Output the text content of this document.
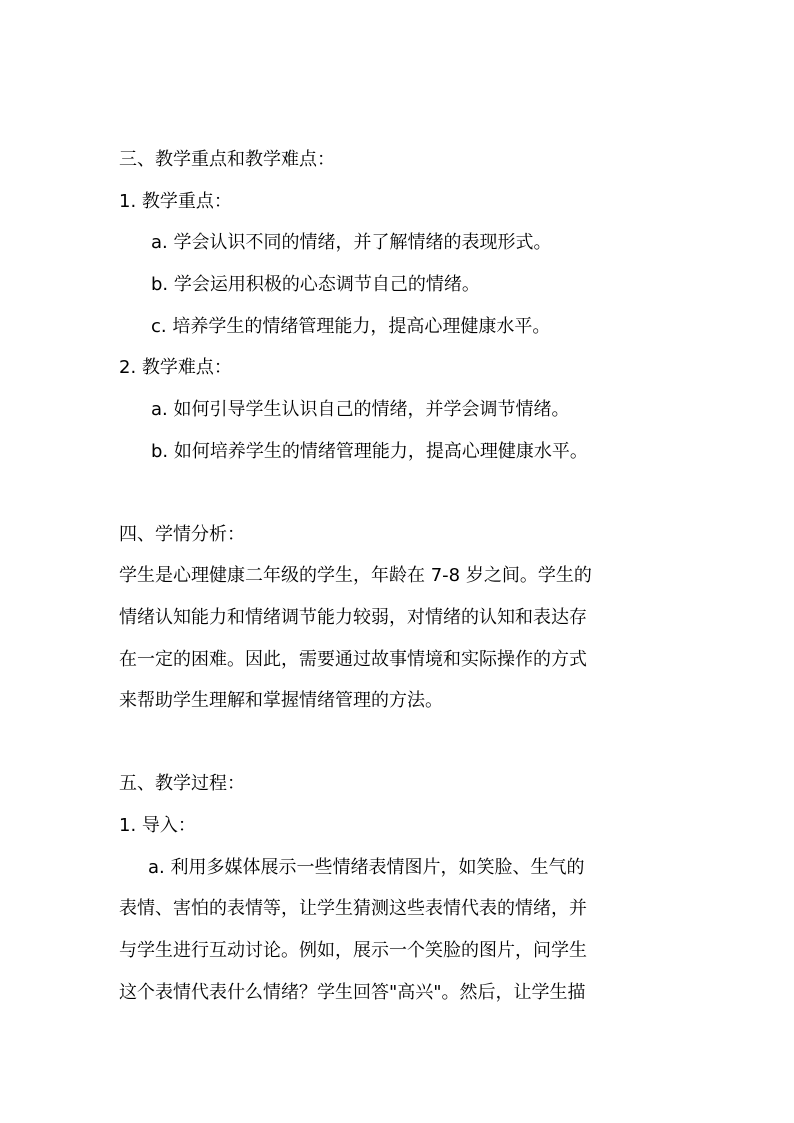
三、教学重点和教学难点：
1. 教学重点：
a. 学会认识不同的情绪，并了解情绪的表现形式。
b. 学会运用积极的心态调节自己的情绪。
c. 培养学生的情绪管理能力，提高心理健康水平。
2. 教学难点：
a. 如何引导学生认识自己的情绪，并学会调节情绪。
b. 如何培养学生的情绪管理能力，提高心理健康水平。
四、学情分析：
学生是心理健康二年级的学生，年龄在 7-8 岁之间。学生的
情绪认知能力和情绪调节能力较弱，对情绪的认知和表达存
在一定的困难。因此，需要通过故事情境和实际操作的方式
来帮助学生理解和掌握情绪管理的方法。
五、教学过程：
1. 导入：
a. 利用多媒体展示一些情绪表情图片，如笑脸、生气的
表情、害怕的表情等，让学生猜测这些表情代表的情绪，并
与学生进行互动讨论。例如，展示一个笑脸的图片，问学生
这个表情代表什么情绪？学生回答"高兴"。然后，让学生描
